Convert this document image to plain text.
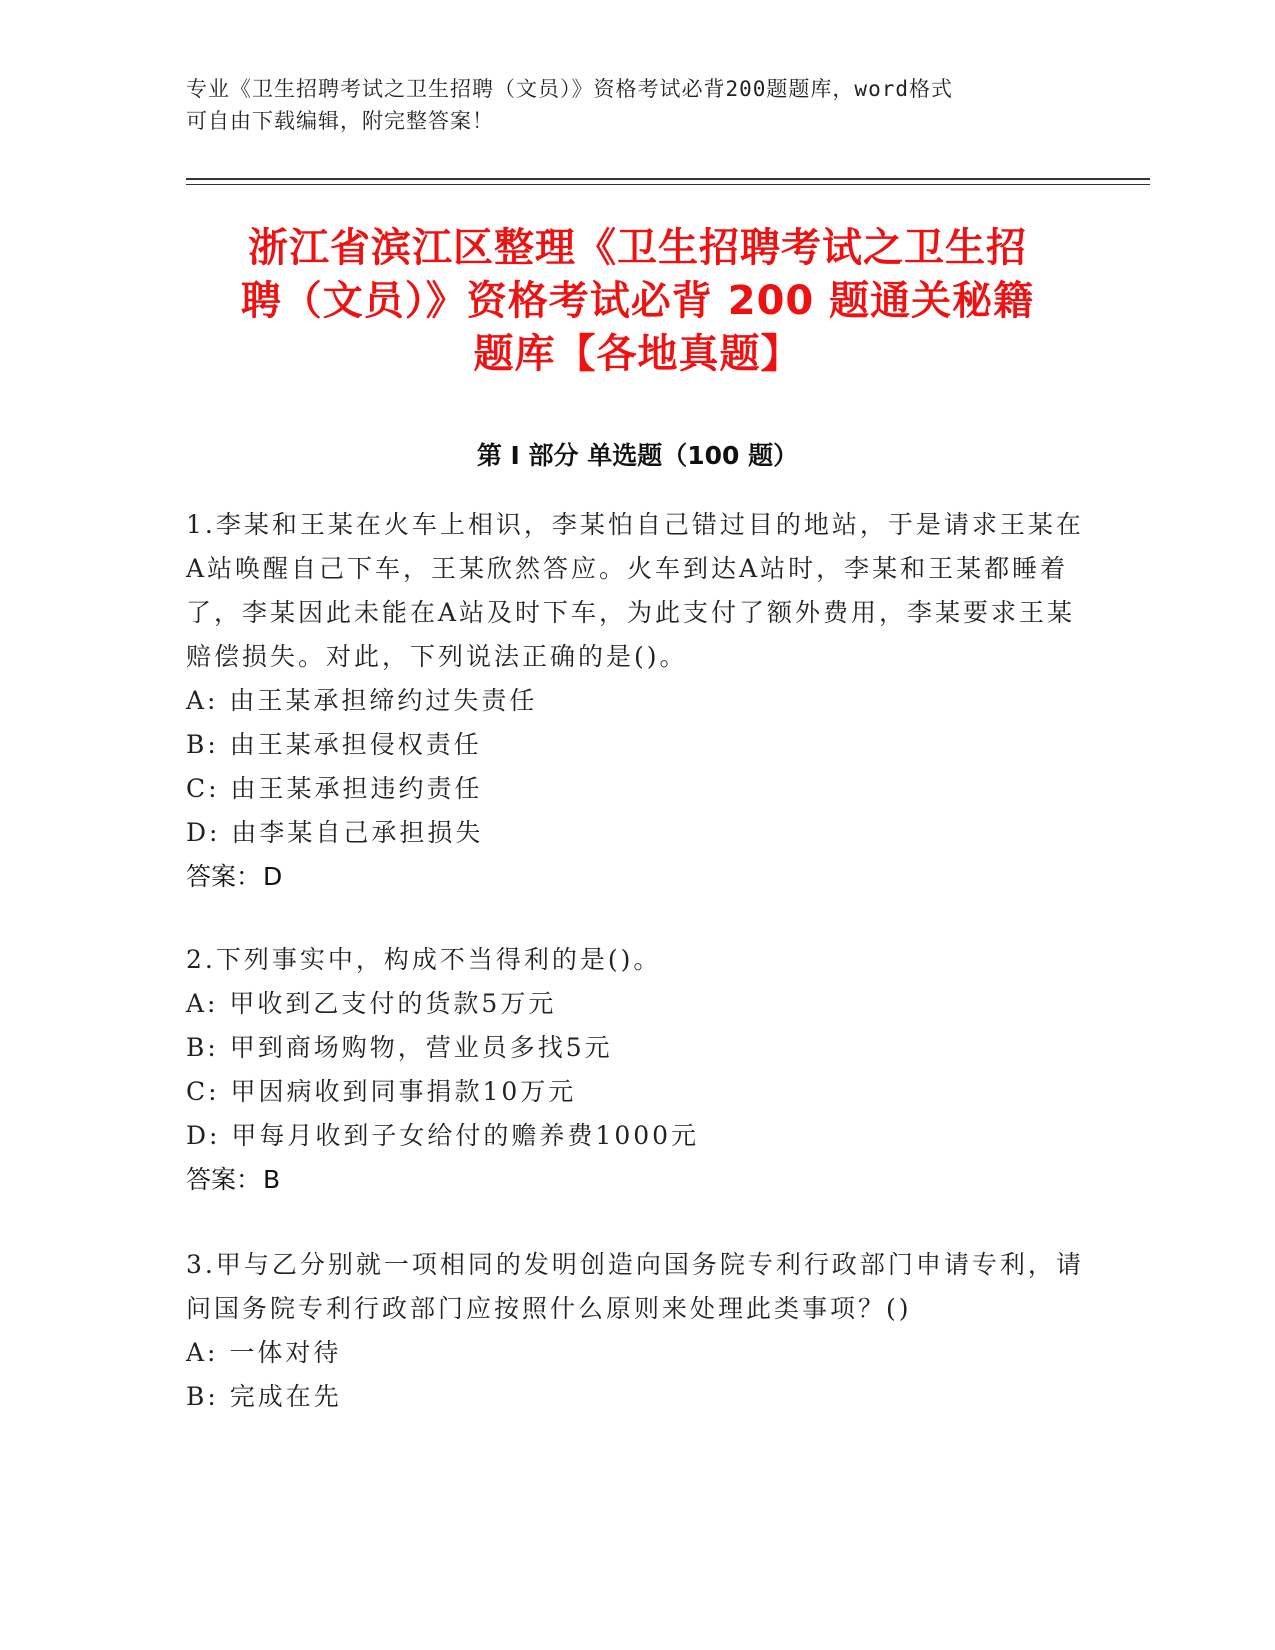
专业《卫生招聘考试之卫生招聘（文员）》资格考试必背200题题库，word格式
可自由下载编辑，附完整答案！
浙江省滨江区整理《卫生招聘考试之卫生招
聘（文员）》资格考试必背 200 题通关秘籍
题库【各地真题】
第 I 部分 单选题（100 题）
1.李某和王某在火车上相识，李某怕自己错过目的地站，于是请求王某在A站唤醒自己下车，王某欣然答应。火车到达A站时，李某和王某都睡着了，李某因此未能在A站及时下车，为此支付了额外费用，李某要求王某赔偿损失。对此，下列说法正确的是()。
A: 由王某承担缔约过失责任
B: 由王某承担侵权责任
C: 由王某承担违约责任
D: 由李某自己承担损失
答案：D
2.下列事实中，构成不当得利的是()。
A: 甲收到乙支付的货款5万元
B: 甲到商场购物，营业员多找5元
C: 甲因病收到同事捐款10万元
D: 甲每月收到子女给付的赡养费1000元
答案：B
3.甲与乙分别就一项相同的发明创造向国务院专利行政部门申请专利，请问国务院专利行政部门应按照什么原则来处理此类事项？()
A: 一体对待
B: 完成在先
